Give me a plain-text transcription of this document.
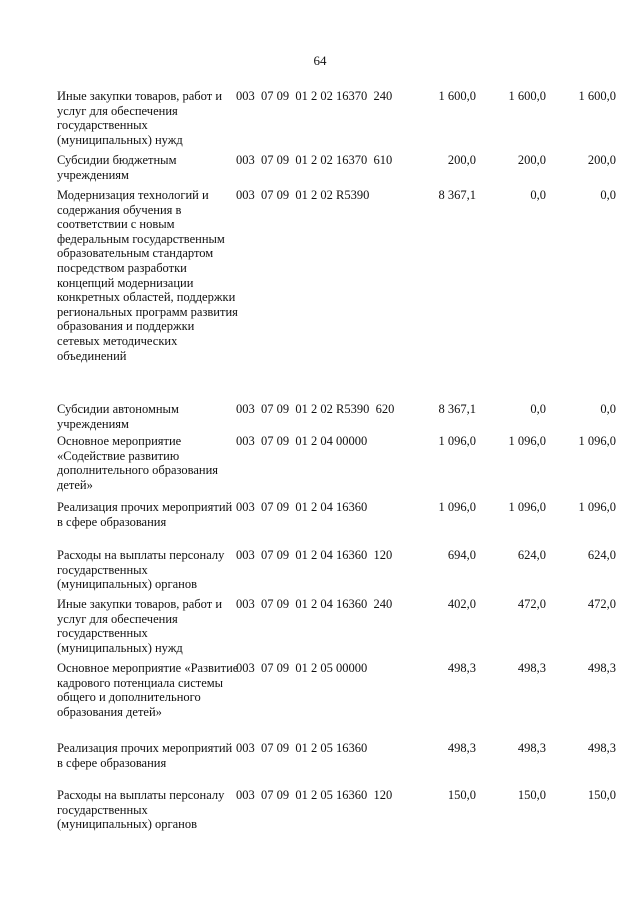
64
Иные закупки товаров, работ и услуг для обеспечения государственных (муниципальных) нужд
003  07 09  01 2 02 16370  240	1 600,0	1 600,0	1 600,0
Субсидии бюджетным учреждениям
003  07 09  01 2 02 16370  610	200,0	200,0	200,0
Модернизация технологий и содержания обучения в соответствии с новым федеральным государственным образовательным стандартом посредством разработки концепций модернизации конкретных областей, поддержки региональных программ развития образования и поддержки сетевых методических объединений
003  07 09  01 2 02 R5390	8 367,1	0,0	0,0
Субсидии автономным учреждениям
003  07 09  01 2 02 R5390  620	8 367,1	0,0	0,0
Основное мероприятие «Содействие развитию дополнительного образования детей»
003  07 09  01 2 04 00000	1 096,0	1 096,0	1 096,0
Реализация прочих мероприятий в сфере образования
003  07 09  01 2 04 16360	1 096,0	1 096,0	1 096,0
Расходы на выплаты персоналу государственных (муниципальных) органов
003  07 09  01 2 04 16360  120	694,0	624,0	624,0
Иные закупки товаров, работ и услуг для обеспечения государственных (муниципальных) нужд
003  07 09  01 2 04 16360  240	402,0	472,0	472,0
Основное мероприятие «Развитие кадрового потенциала системы общего и дополнительного образования детей»
003  07 09  01 2 05 00000	498,3	498,3	498,3
Реализация прочих мероприятий в сфере образования
003  07 09  01 2 05 16360	498,3	498,3	498,3
Расходы на выплаты персоналу государственных (муниципальных) органов
003  07 09  01 2 05 16360  120	150,0	150,0	150,0
